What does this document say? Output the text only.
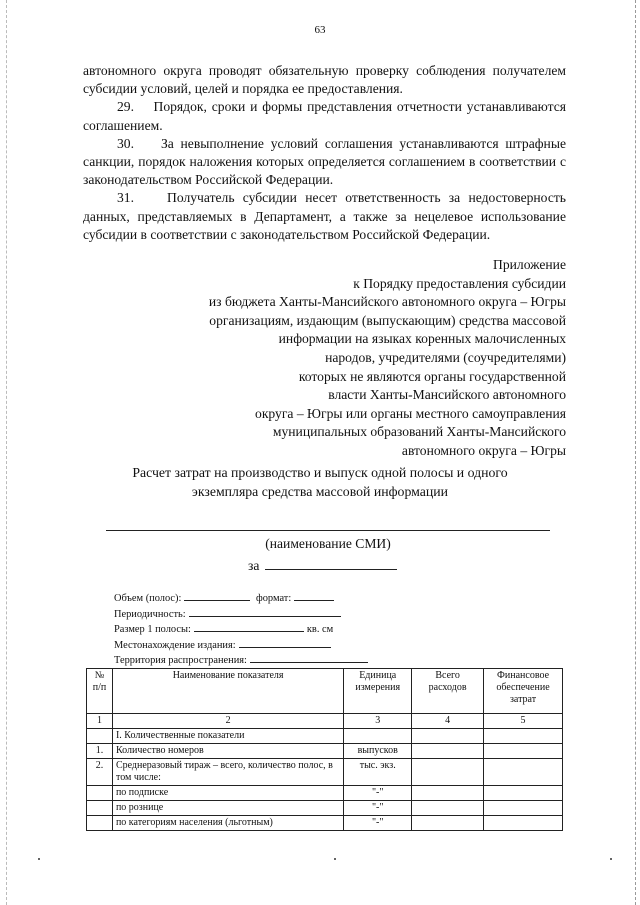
63

автономного округа проводят обязательную проверку соблюдения получателем субсидии условий, целей и порядка ее предоставления.

29.    Порядок, сроки и формы представления отчетности устанавливаются соглашением.

30.    За невыполнение условий соглашения устанавливаются штрафные санкции, порядок наложения которых определяется соглашением в соответствии с законодательством Российской Федерации.

31.    Получатель субсидии несет ответственность за недостоверность данных, представляемых в Департамент, а также за нецелевое использование субсидии в соответствии с законодательством Российской Федерации.

Приложение
к Порядку предоставления субсидии
из бюджета Ханты-Мансийского автономного округа – Югры
организациям, издающим (выпускающим) средства массовой
информации на языках коренных малочисленных
народов, учредителями (соучредителями)
которых не являются органы государственной
власти Ханты-Мансийского автономного
округа – Югры или органы местного самоуправления
муниципальных образований Ханты-Мансийского
автономного округа – Югры
Расчет затрат на производство и выпуск одной полосы и одного
экземпляра средства массовой информации
(наименование СМИ)
за
Объем (полос):	формат:
Периодичность:
Размер 1 полосы:	кв. см
Местонахождение издания:
Территория распространения:
№ п/п	Наименование показателя	Единица измерения	Всего расходов	Финансовое обеспечение затрат
1	2	3	4	5
	I. Количественные показатели			
1.	Количество номеров	выпусков		
2.	Среднеразовый тираж – всего, количество полос, в том числе:	тыс. экз.		
	по подписке	"-"		
	по рознице	"-"		
	по категориям населения (льготным)	"-"		
